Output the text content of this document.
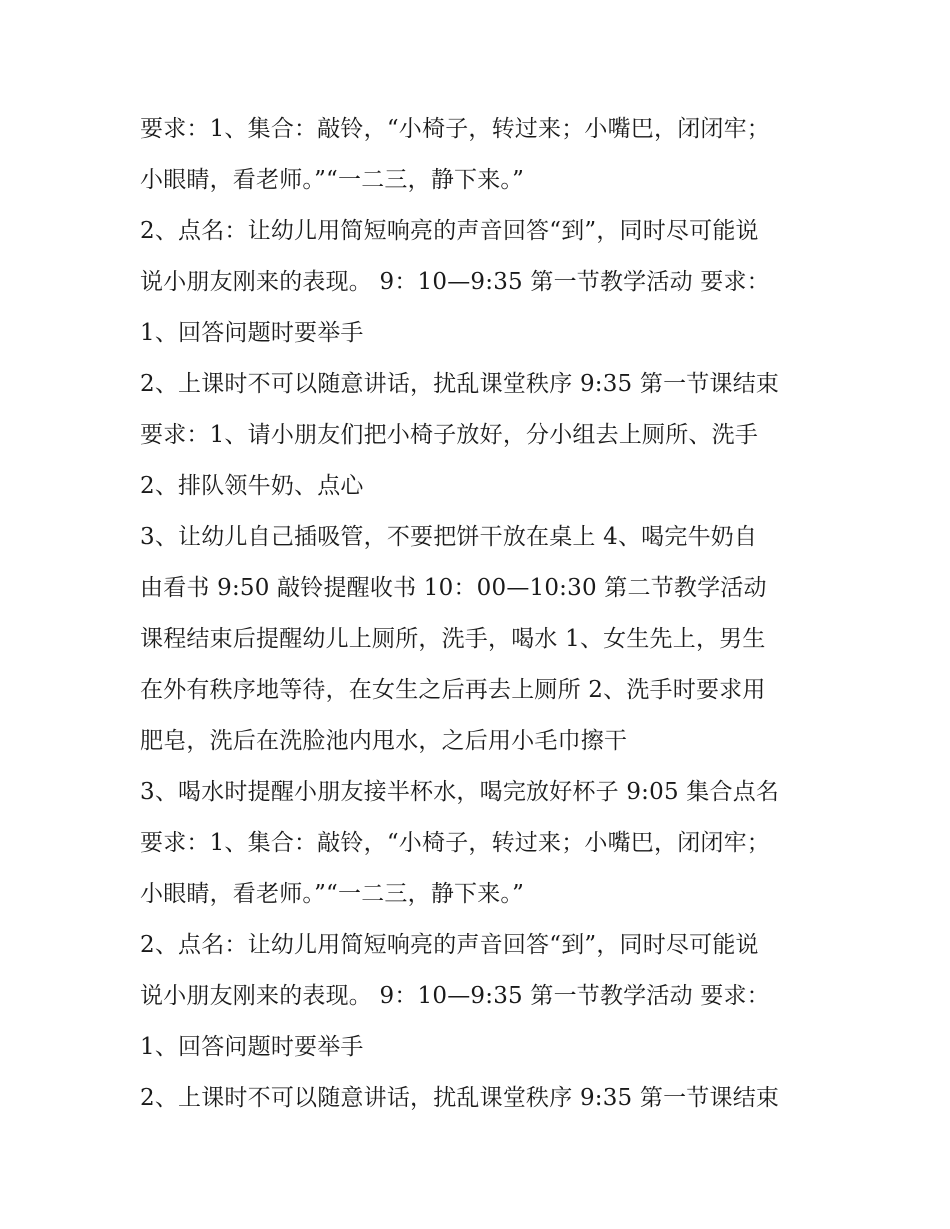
要求：1、集合：敲铃，“小椅子，转过来；小嘴巴，闭闭牢；
小眼睛，看老师。”“一二三，静下来。”
2、点名：让幼儿用简短响亮的声音回答“到”，同时尽可能说
说小朋友刚来的表现。 9：10—9:35 第一节教学活动 要求：
1、回答问题时要举手
2、上课时不可以随意讲话，扰乱课堂秩序 9:35 第一节课结束
要求：1、请小朋友们把小椅子放好，分小组去上厕所、洗手
2、排队领牛奶、点心
3、让幼儿自己插吸管，不要把饼干放在桌上 4、喝完牛奶自
由看书 9:50 敲铃提醒收书 10：00—10:30 第二节教学活动
课程结束后提醒幼儿上厕所，洗手，喝水 1、女生先上，男生
在外有秩序地等待，在女生之后再去上厕所 2、洗手时要求用
肥皂，洗后在洗脸池内甩水，之后用小毛巾擦干
3、喝水时提醒小朋友接半杯水，喝完放好杯子 9:05 集合点名
要求：1、集合：敲铃，“小椅子，转过来；小嘴巴，闭闭牢；
小眼睛，看老师。”“一二三，静下来。”
2、点名：让幼儿用简短响亮的声音回答“到”，同时尽可能说
说小朋友刚来的表现。 9：10—9:35 第一节教学活动 要求：
1、回答问题时要举手
2、上课时不可以随意讲话，扰乱课堂秩序 9:35 第一节课结束
